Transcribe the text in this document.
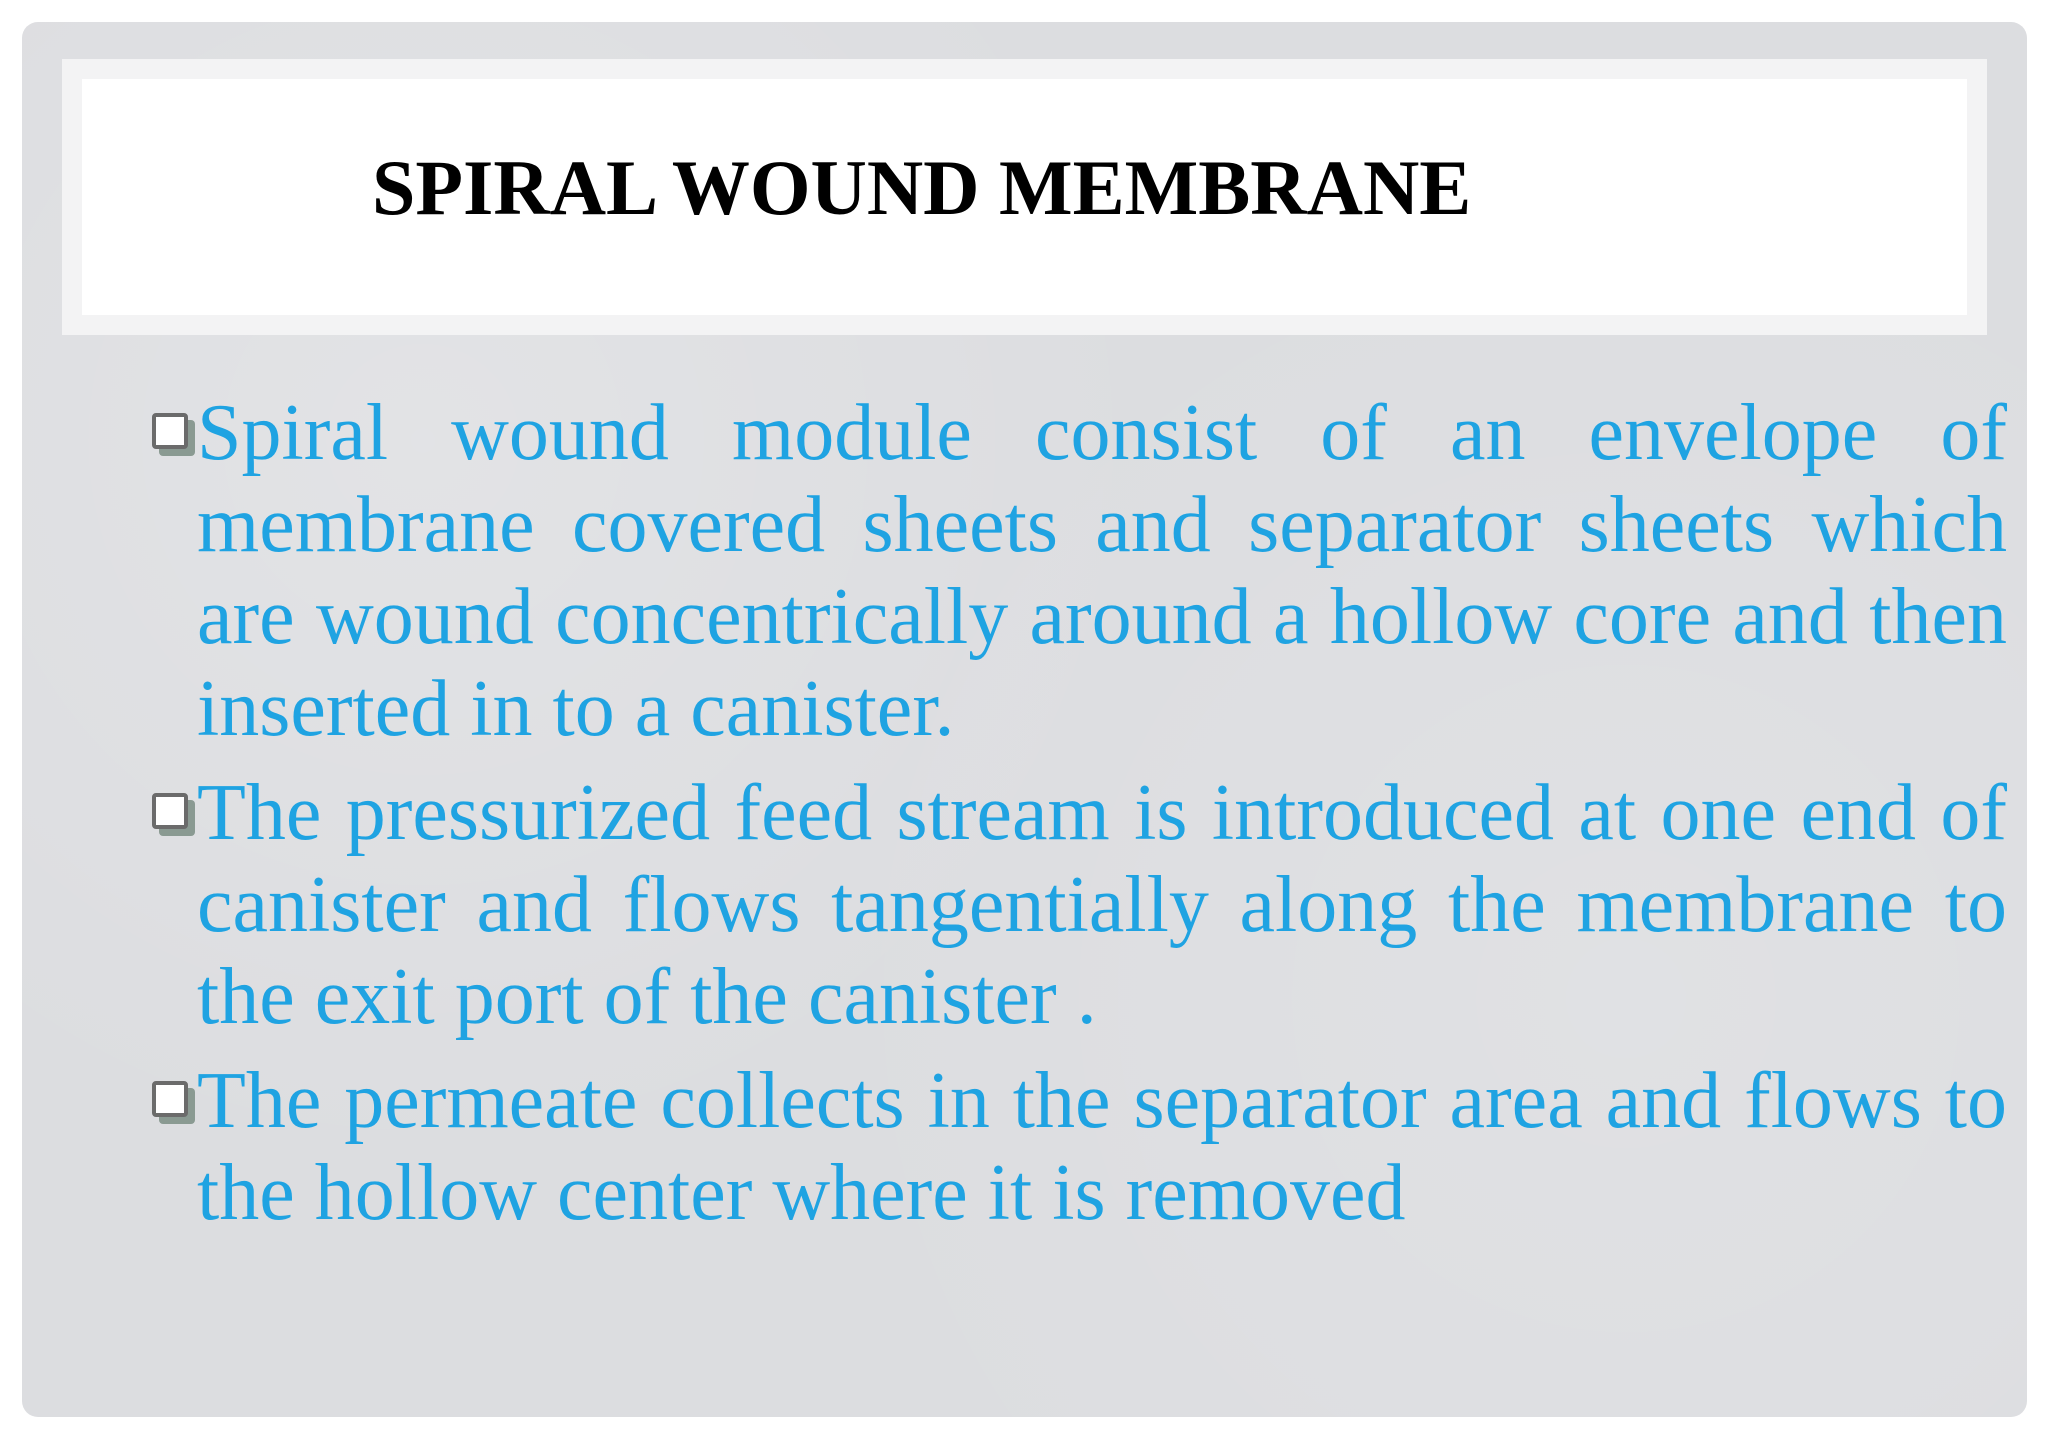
SPIRAL WOUND MEMBRANE
Spiral wound module consist of an envelope of membrane covered sheets and separator sheets which are wound concentrically around a hollow core and then inserted in to a canister.
The pressurized feed stream is introduced at one end of canister and flows tangentially along the membrane to the exit port of the canister .
The permeate collects in the separator area and flows to the hollow center where it is removed
